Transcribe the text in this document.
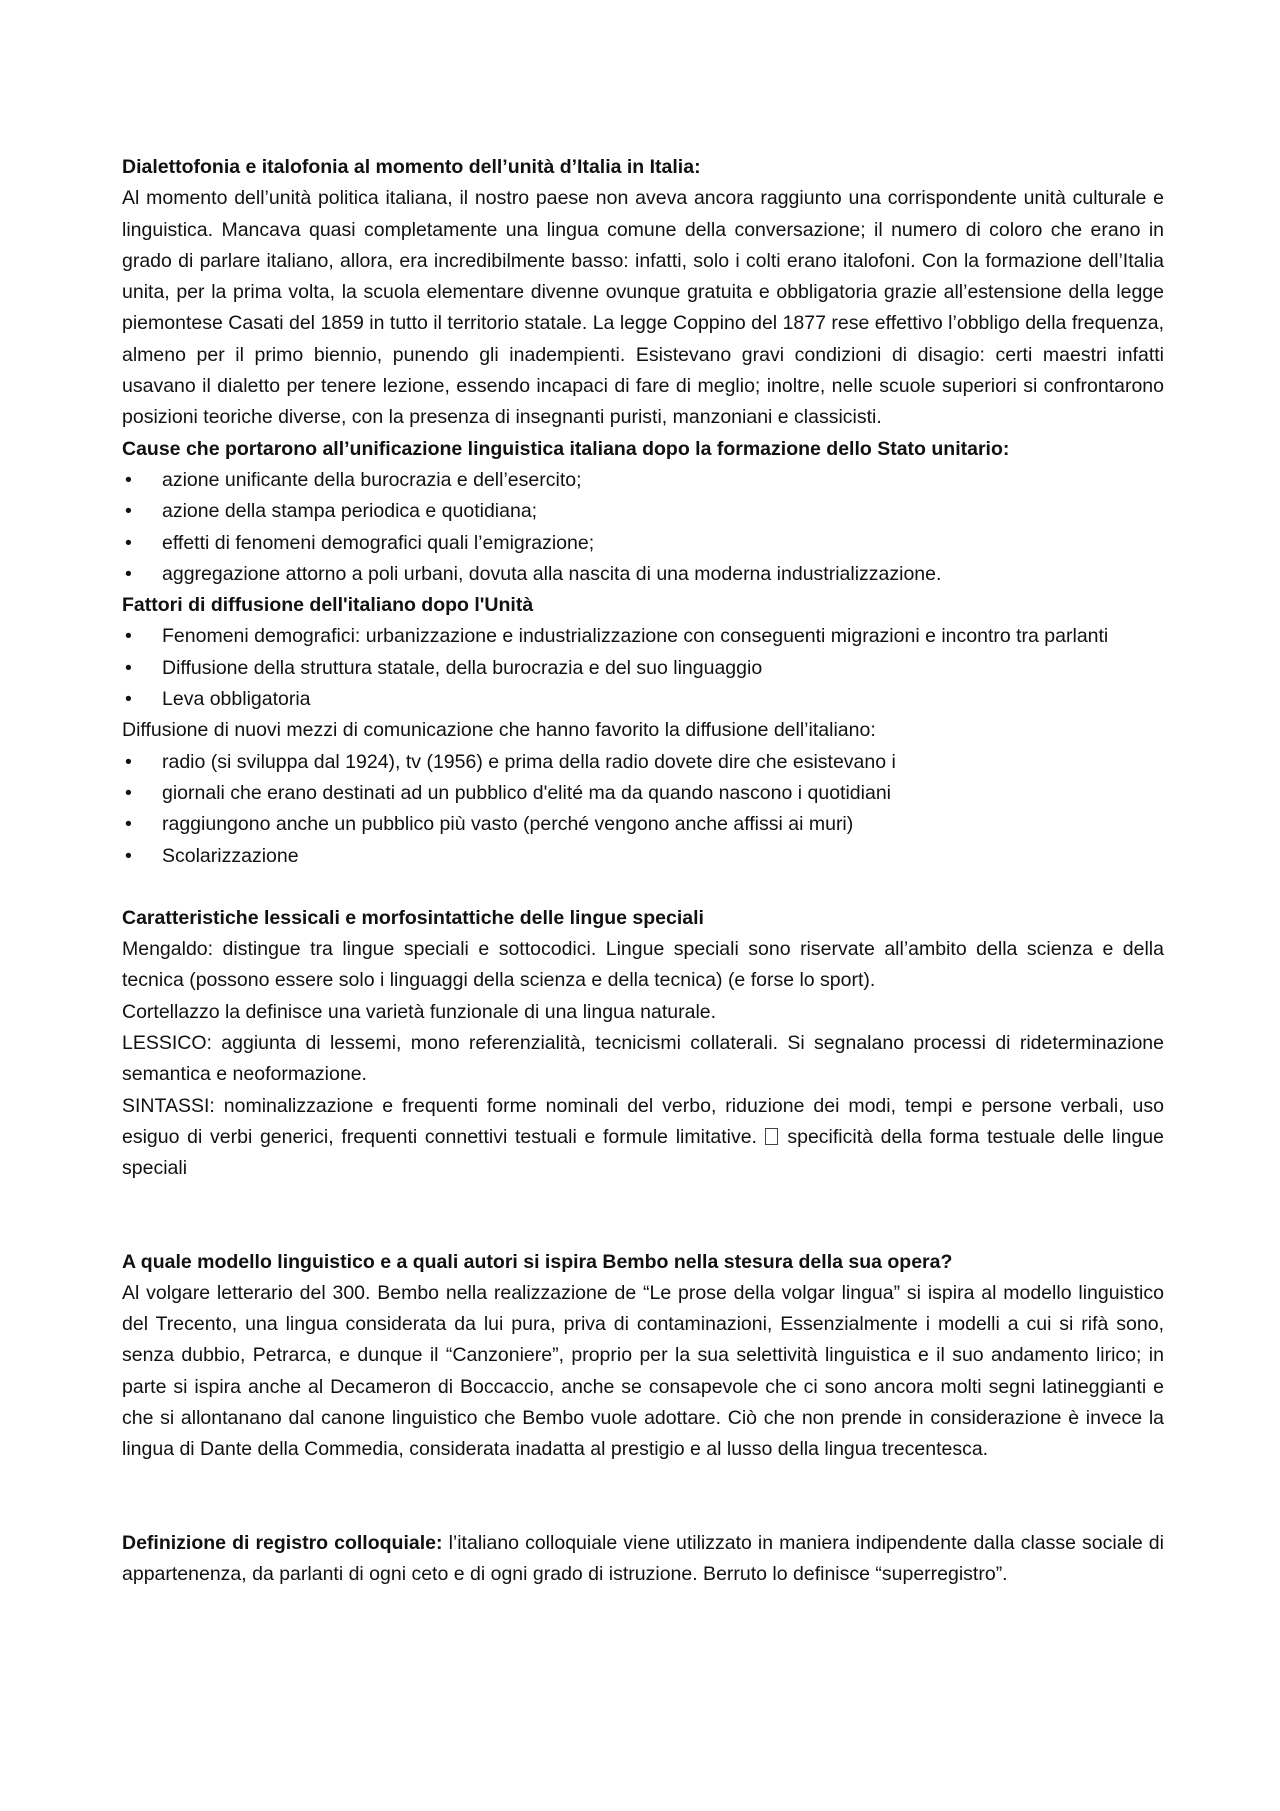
Dialettofonia e italofonia al momento dell’unità d’Italia in Italia:

Al momento dell’unità politica italiana, il nostro paese non aveva ancora raggiunto una corrispondente unità culturale e linguistica. Mancava quasi completamente una lingua comune della conversazione; il numero di coloro che erano in grado di parlare italiano, allora, era incredibilmente basso: infatti, solo i colti erano italofoni. Con la formazione dell’Italia unita, per la prima volta, la scuola elementare divenne ovunque gratuita e obbligatoria grazie all’estensione della legge piemontese Casati del 1859 in tutto il territorio statale. La legge Coppino del 1877 rese effettivo l’obbligo della frequenza, almeno per il primo biennio, punendo gli inadempienti. Esistevano gravi condizioni di disagio: certi maestri infatti usavano il dialetto per tenere lezione, essendo incapaci di fare di meglio; inoltre, nelle scuole superiori si confrontarono posizioni teoriche diverse, con la presenza di insegnanti puristi, manzoniani e classicisti.

Cause che portarono all’unificazione linguistica italiana dopo la formazione dello Stato unitario:

• azione unificante della burocrazia e dell’esercito;
• azione della stampa periodica e quotidiana;
• effetti di fenomeni demografici quali l’emigrazione;
• aggregazione attorno a poli urbani, dovuta alla nascita di una moderna industrializzazione.

Fattori di diffusione dell'italiano dopo l'Unità

• Fenomeni demografici: urbanizzazione e industrializzazione con conseguenti migrazioni e incontro tra parlanti
• Diffusione della struttura statale, della burocrazia e del suo linguaggio
• Leva obbligatoria

Diffusione di nuovi mezzi di comunicazione che hanno favorito la diffusione dell’italiano:

• radio (si sviluppa dal 1924), tv (1956) e prima della radio dovete dire che esistevano i
• giornali che erano destinati ad un pubblico d'elité ma da quando nascono i quotidiani
• raggiungono anche un pubblico più vasto (perché vengono anche affissi ai muri)
• Scolarizzazione

Caratteristiche lessicali e morfosintattiche delle lingue speciali

Mengaldo: distingue tra lingue speciali e sottocodici. Lingue speciali sono riservate all’ambito della scienza e della tecnica (possono essere solo i linguaggi della scienza e della tecnica) (e forse lo sport).

Cortellazzo la definisce una varietà funzionale di una lingua naturale.

LESSICO: aggiunta di lessemi, mono referenzialità, tecnicismi collaterali. Si segnalano processi di rideterminazione semantica e neoformazione.

SINTASSI: nominalizzazione e frequenti forme nominali del verbo, riduzione dei modi, tempi e persone verbali, uso esiguo di verbi generici, frequenti connettivi testuali e formule limitative. specificità della forma testuale delle lingue speciali

A quale modello linguistico e a quali autori si ispira Bembo nella stesura della sua opera?

Al volgare letterario del 300. Bembo nella realizzazione de “Le prose della volgar lingua” si ispira al modello linguistico del Trecento, una lingua considerata da lui pura, priva di contaminazioni, Essenzialmente i modelli a cui si rifà sono, senza dubbio, Petrarca, e dunque il “Canzoniere”, proprio per la sua selettività linguistica e il suo andamento lirico; in parte si ispira anche al Decameron di Boccaccio, anche se consapevole che ci sono ancora molti segni latineggianti e che si allontanano dal canone linguistico che Bembo vuole adottare. Ciò che non prende in considerazione è invece la lingua di Dante della Commedia, considerata inadatta al prestigio e al lusso della lingua trecentesca.

Definizione di registro colloquiale: l’italiano colloquiale viene utilizzato in maniera indipendente dalla classe sociale di appartenenza, da parlanti di ogni ceto e di ogni grado di istruzione. Berruto lo definisce “superregistro”.
